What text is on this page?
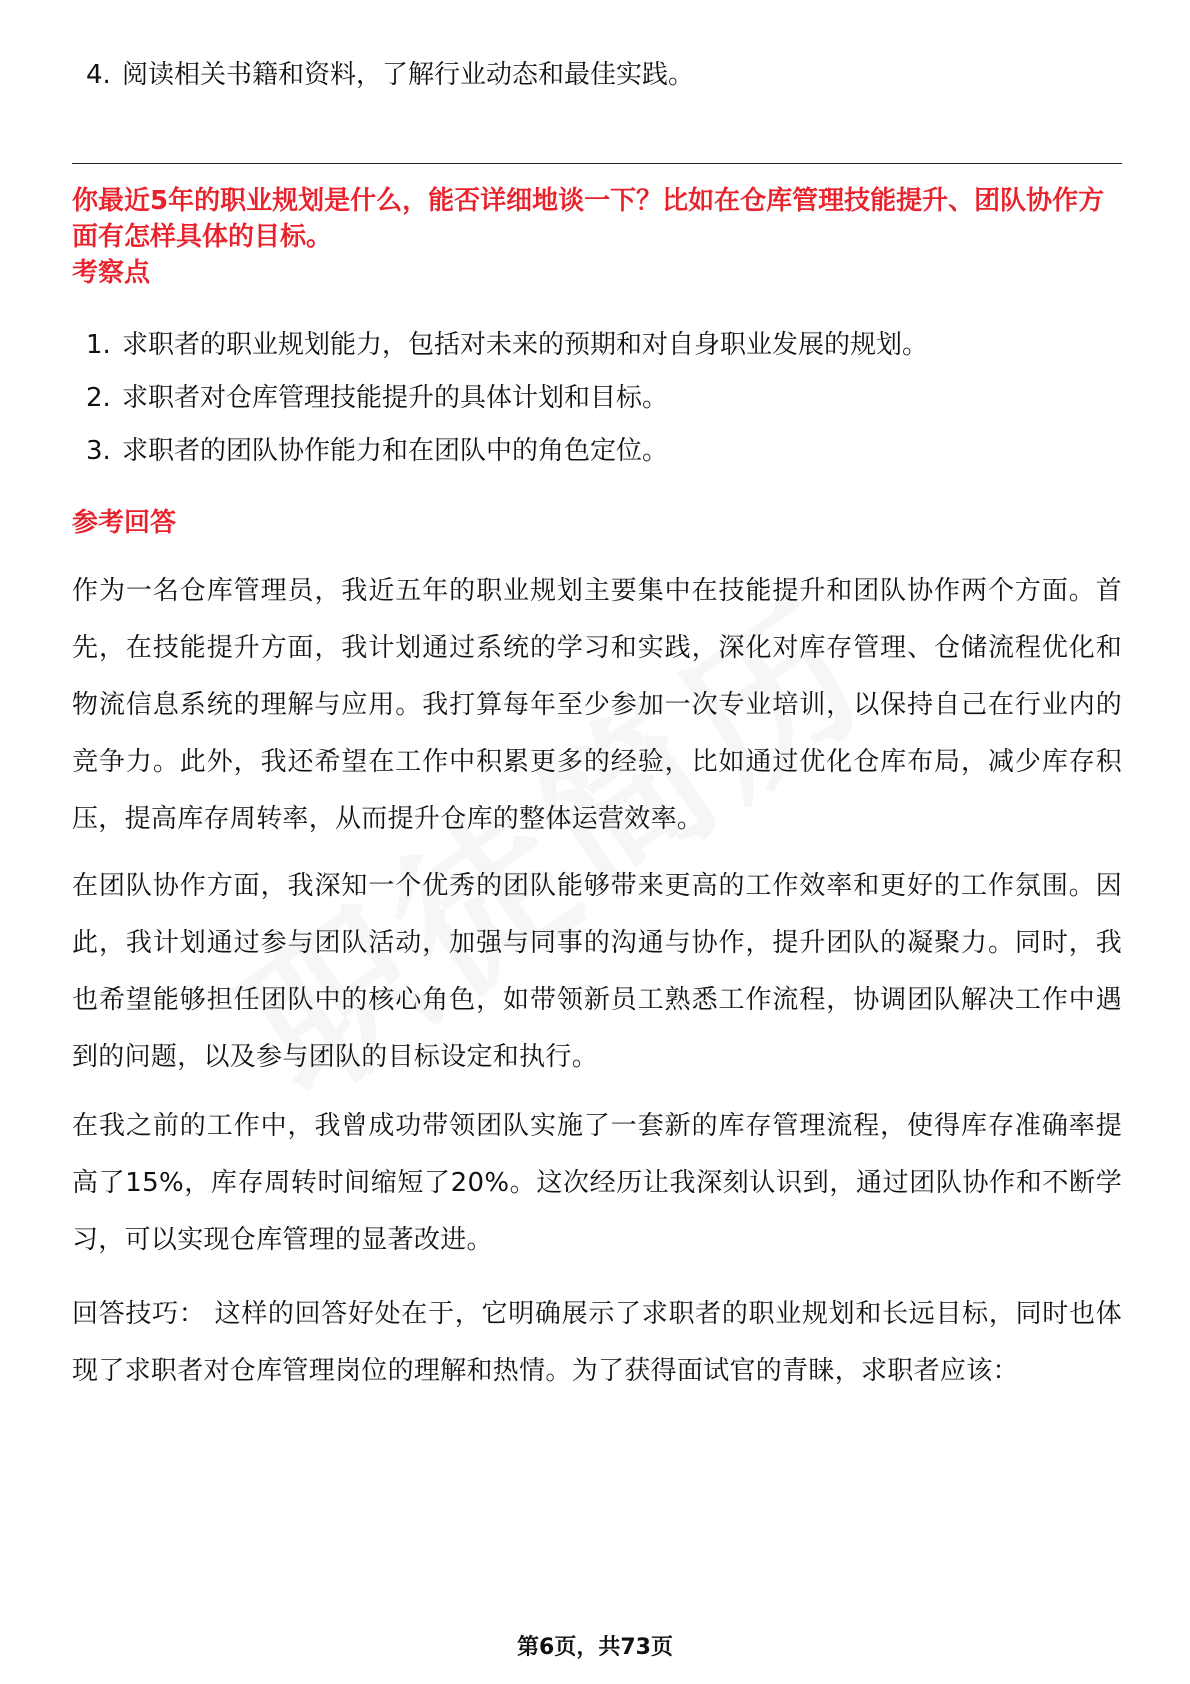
4. 阅读相关书籍和资料，了解行业动态和最佳实践。

你最近5年的职业规划是什么，能否详细地谈一下？比如在仓库管理技能提升、团队协作方面有怎样具体的目标。

考察点
1. 求职者的职业规划能力，包括对未来的预期和对自身职业发展的规划。
2. 求职者对仓库管理技能提升的具体计划和目标。
3. 求职者的团队协作能力和在团队中的角色定位。
参考回答

作为一名仓库管理员，我近五年的职业规划主要集中在技能提升和团队协作两个方面。首先，在技能提升方面，我计划通过系统的学习和实践，深化对库存管理、仓储流程优化和物流信息系统的理解与应用。我打算每年至少参加一次专业培训，以保持自己在行业内的竞争力。此外，我还希望在工作中积累更多的经验，比如通过优化仓库布局，减少库存积压，提高库存周转率，从而提升仓库的整体运营效率。

在团队协作方面，我深知一个优秀的团队能够带来更高的工作效率和更好的工作氛围。因此，我计划通过参与团队活动，加强与同事的沟通与协作，提升团队的凝聚力。同时，我也希望能够担任团队中的核心角色，如带领新员工熟悉工作流程，协调团队解决工作中遇到的问题，以及参与团队的目标设定和执行。

在我之前的工作中，我曾成功带领团队实施了一套新的库存管理流程，使得库存准确率提高了15%，库存周转时间缩短了20%。这次经历让我深刻认识到，通过团队协作和不断学习，可以实现仓库管理的显著改进。

回答技巧： 这样的回答好处在于，它明确展示了求职者的职业规划和长远目标，同时也体现了求职者对仓库管理岗位的理解和热情。为了获得面试官的青睐，求职者应该：

第6页，共73页
